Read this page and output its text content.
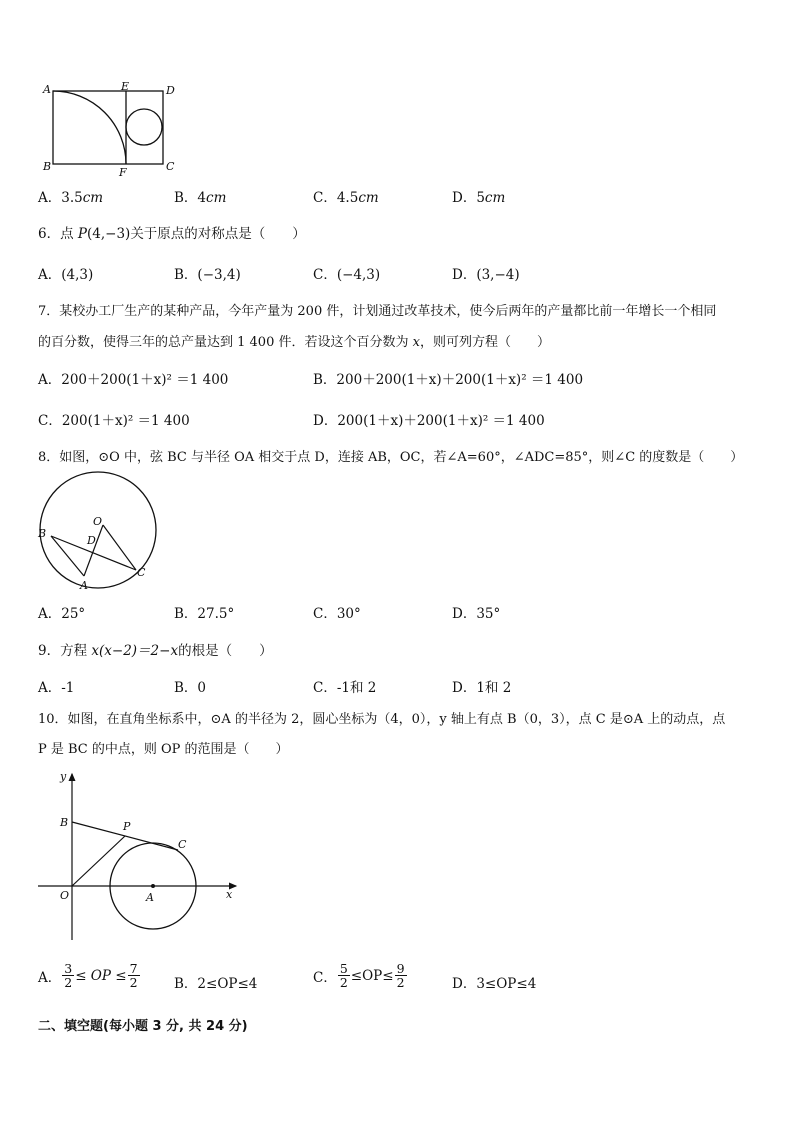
A	E	D
B	F	C
A．3.5cm	B．4cm	C．4.5cm	D．5cm
6．点 P(4,−3)关于原点的对称点是（　　）
A．(4,3)	B．(−3,4)	C．(−4,3)	D．(3,−4)
7．某校办工厂生产的某种产品，今年产量为 200 件，计划通过改革技术，使今后两年的产量都比前一年增长一个相同
的百分数，使得三年的总产量达到 1 400 件．若设这个百分数为 x，则可列方程（　　）
A．200＋200(1＋x)² ＝1 400	B．200＋200(1＋x)＋200(1＋x)² ＝1 400
C．200(1＋x)² ＝1 400	D．200(1＋x)＋200(1＋x)² ＝1 400
8．如图，⊙O 中，弦 BC 与半径 OA 相交于点 D，连接 AB，OC，若∠A=60°，∠ADC=85°，则∠C 的度数是（　　）
O
B
D
A
C
A．25°	B．27.5°	C．30°	D．35°
9．方程 x(x−2)＝2−x的根是（　　）
A．-1	B．0	C．-1和 2	D．1和 2
10．如图，在直角坐标系中，⊙A 的半径为 2，圆心坐标为（4，0），y 轴上有点 B（0，3），点 C 是⊙A 上的动点，点
P 是 BC 的中点，则 OP 的范围是（　　）
y
x
B	P
C
O	A
A． $\frac{3}{2}$ ≤ OP ≤ $\frac{7}{2}$	B．2≤OP≤4	C． $\frac{5}{2} \le OP\le \frac{9}{2}$	D．3≤OP≤4
二、填空题(每小题 3 分, 共 24 分)
